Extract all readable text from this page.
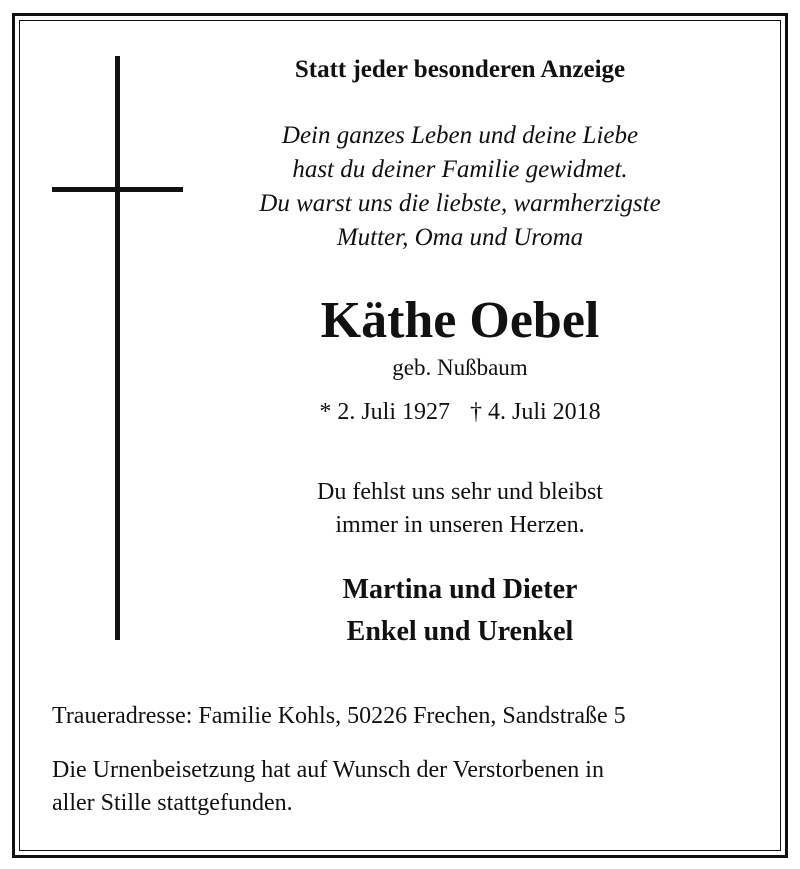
Statt jeder besonderen Anzeige
Dein ganzes Leben und deine Liebe
hast du deiner Familie gewidmet.
Du warst uns die liebste, warmherzigste
Mutter, Oma und Uroma
Käthe Oebel
geb. Nußbaum
* 2. Juli 1927 † 4. Juli 2018
Du fehlst uns sehr und bleibst
immer in unseren Herzen.
Martina und Dieter
Enkel und Urenkel
Traueradresse: Familie Kohls, 50226 Frechen, Sandstraße 5
Die Urnenbeisetzung hat auf Wunsch der Verstorbenen in
aller Stille stattgefunden.
